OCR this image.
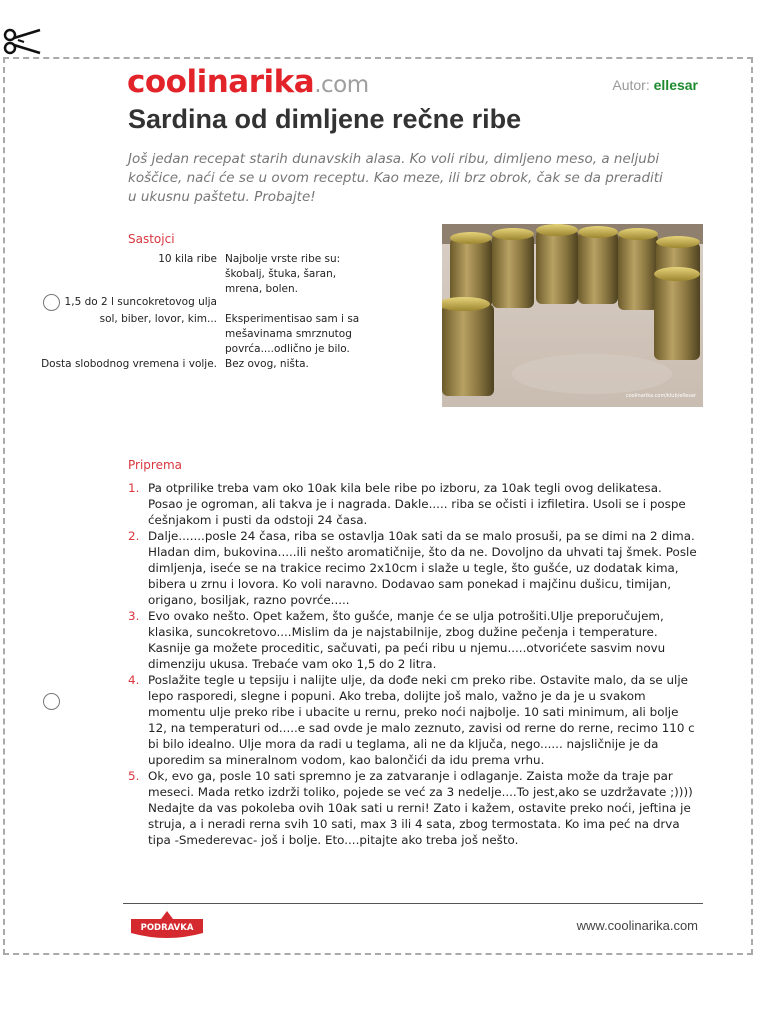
coolinarika.com	Autor: ellesar
Sardina od dimljene rečne ribe
Još jedan recepat starih dunavskih alasa. Ko voli ribu, dimljeno meso, a neljubi koščice, naći će se u ovom receptu. Kao meze, ili brz obrok, čak se da preraditi u ukusnu paštetu. Probajte!
Sastojci
10 kila ribe Najbolje vrste ribe su: škobalj, štuka, šaran, mrena, bolen.
1,5 do 2 l suncokretovog ulja
sol, biber, lovor, kim... Eksperimentisao sam i sa mešavinama smrznutog povrća....odlično je bilo.
Dosta slobodnog vremena i volje. Bez ovog, ništa.
coolinarika.com/klub/ellesar
Priprema
1. Pa otprilike treba vam oko 10ak kila bele ribe po izboru, za 10ak tegli ovog delikatesa. Posao je ogroman, ali takva je i nagrada. Dakle..... riba se očisti i izfiletira. Usoli se i pospe ćešnjakom i pusti da odstoji 24 časa.
2. Dalje.......posle 24 časa, riba se ostavlja 10ak sati da se malo prosuši, pa se dimi na 2 dima. Hladan dim, bukovina.....ili nešto aromatičnije, što da ne. Dovoljno da uhvati taj šmek. Posle dimljenja, iseće se na trakice recimo 2x10cm i slaže u tegle, što gušće, uz dodatak kima, bibera u zrnu i lovora. Ko voli naravno. Dodavao sam ponekad i majčinu dušicu, timijan, origano, bosiljak, razno povrće.....
3. Evo ovako nešto. Opet kažem, što gušće, manje će se ulja potrošiti.Ulje preporučujem, klasika, suncokretovo....Mislim da je najstabilnije, zbog dužine pečenja i temperature. Kasnije ga možete proceditic, sačuvati, pa peći ribu u njemu.....otvorićete sasvim novu dimenziju ukusa. Trebaće vam oko 1,5 do 2 litra.
4. Poslažite tegle u tepsiju i nalijte ulje, da dođe neki cm preko ribe. Ostavite malo, da se ulje lepo rasporedi, slegne i popuni. Ako treba, dolijte još malo, važno je da je u svakom momentu ulje preko ribe i ubacite u rernu, preko noći najbolje. 10 sati minimum, ali bolje 12, na temperaturi od.....e sad ovde je malo zeznuto, zavisi od rerne do rerne, recimo 110 c bi bilo idealno. Ulje mora da radi u teglama, ali ne da ključa, nego...... najsličnije je da uporedim sa mineralnom vodom, kao balončići da idu prema vrhu.
5. Ok, evo ga, posle 10 sati spremno je za zatvaranje i odlaganje. Zaista može da traje par meseci. Mada retko izdrži toliko, pojede se već za 3 nedelje....To jest,ako se uzdržavate ;)))) Nedajte da vas pokoleba ovih 10ak sati u rerni! Zato i kažem, ostavite preko noći, jeftina je struja, a i neradi rerna svih 10 sati, max 3 ili 4 sata, zbog termostata. Ko ima peć na drva tipa -Smederevac- još i bolje. Eto....pitajte ako treba još nešto.
PODRAVKA	www.coolinarika.com
